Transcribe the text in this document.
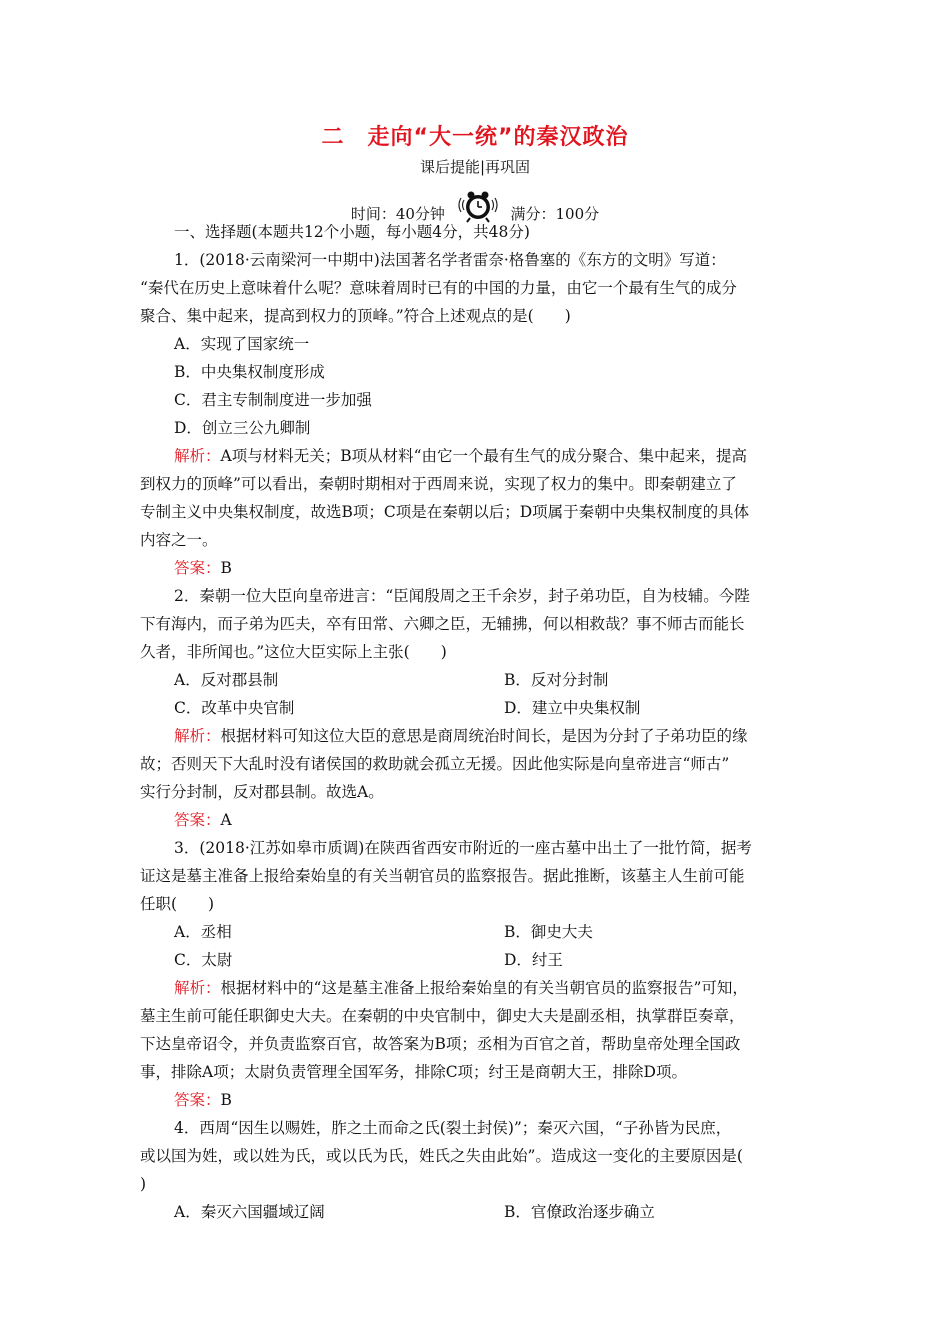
二　走向“大一统”的秦汉政治
课后提能|再巩固
时间：40分钟	满分：100分
一、选择题(本题共12个小题，每小题4分，共48分)
1．(2018·云南梁河一中期中)法国著名学者雷奈·格鲁塞的《东方的文明》写道：
“秦代在历史上意味着什么呢？意味着周时已有的中国的力量，由它一个最有生气的成分
聚合、集中起来，提高到权力的顶峰。”符合上述观点的是(　　)
A．实现了国家统一
B．中央集权制度形成
C．君主专制制度进一步加强
D．创立三公九卿制
解析：A项与材料无关；B项从材料“由它一个最有生气的成分聚合、集中起来，提高
到权力的顶峰”可以看出，秦朝时期相对于西周来说，实现了权力的集中。即秦朝建立了
专制主义中央集权制度，故选B项；C项是在秦朝以后；D项属于秦朝中央集权制度的具体
内容之一。
答案：B
2．秦朝一位大臣向皇帝进言：“臣闻殷周之王千余岁，封子弟功臣，自为枝辅。今陛
下有海内，而子弟为匹夫，卒有田常、六卿之臣，无辅拂，何以相救哉？事不师古而能长
久者，非所闻也。”这位大臣实际上主张(　　)
A．反对郡县制	B．反对分封制
C．改革中央官制	D．建立中央集权制
解析：根据材料可知这位大臣的意思是商周统治时间长，是因为分封了子弟功臣的缘
故；否则天下大乱时没有诸侯国的救助就会孤立无援。因此他实际是向皇帝进言“师古”
实行分封制，反对郡县制。故选A。
答案：A
3．(2018·江苏如皋市质调)在陕西省西安市附近的一座古墓中出土了一批竹简，据考
证这是墓主准备上报给秦始皇的有关当朝官员的监察报告。据此推断，该墓主人生前可能
任职(　　)
A．丞相	B．御史大夫
C．太尉	D．纣王
解析：根据材料中的“这是墓主准备上报给秦始皇的有关当朝官员的监察报告”可知，
墓主生前可能任职御史大夫。在秦朝的中央官制中，御史大夫是副丞相，执掌群臣奏章，
下达皇帝诏令，并负责监察百官，故答案为B项；丞相为百官之首，帮助皇帝处理全国政
事，排除A项；太尉负责管理全国军务，排除C项；纣王是商朝大王，排除D项。
答案：B
4．西周“因生以赐姓，胙之土而命之氏(裂土封侯)”；秦灭六国，“子孙皆为民庶，
或以国为姓，或以姓为氏，或以氏为氏，姓氏之失由此始”。造成这一变化的主要原因是(
)
A．秦灭六国疆域辽阔	B．官僚政治逐步确立
